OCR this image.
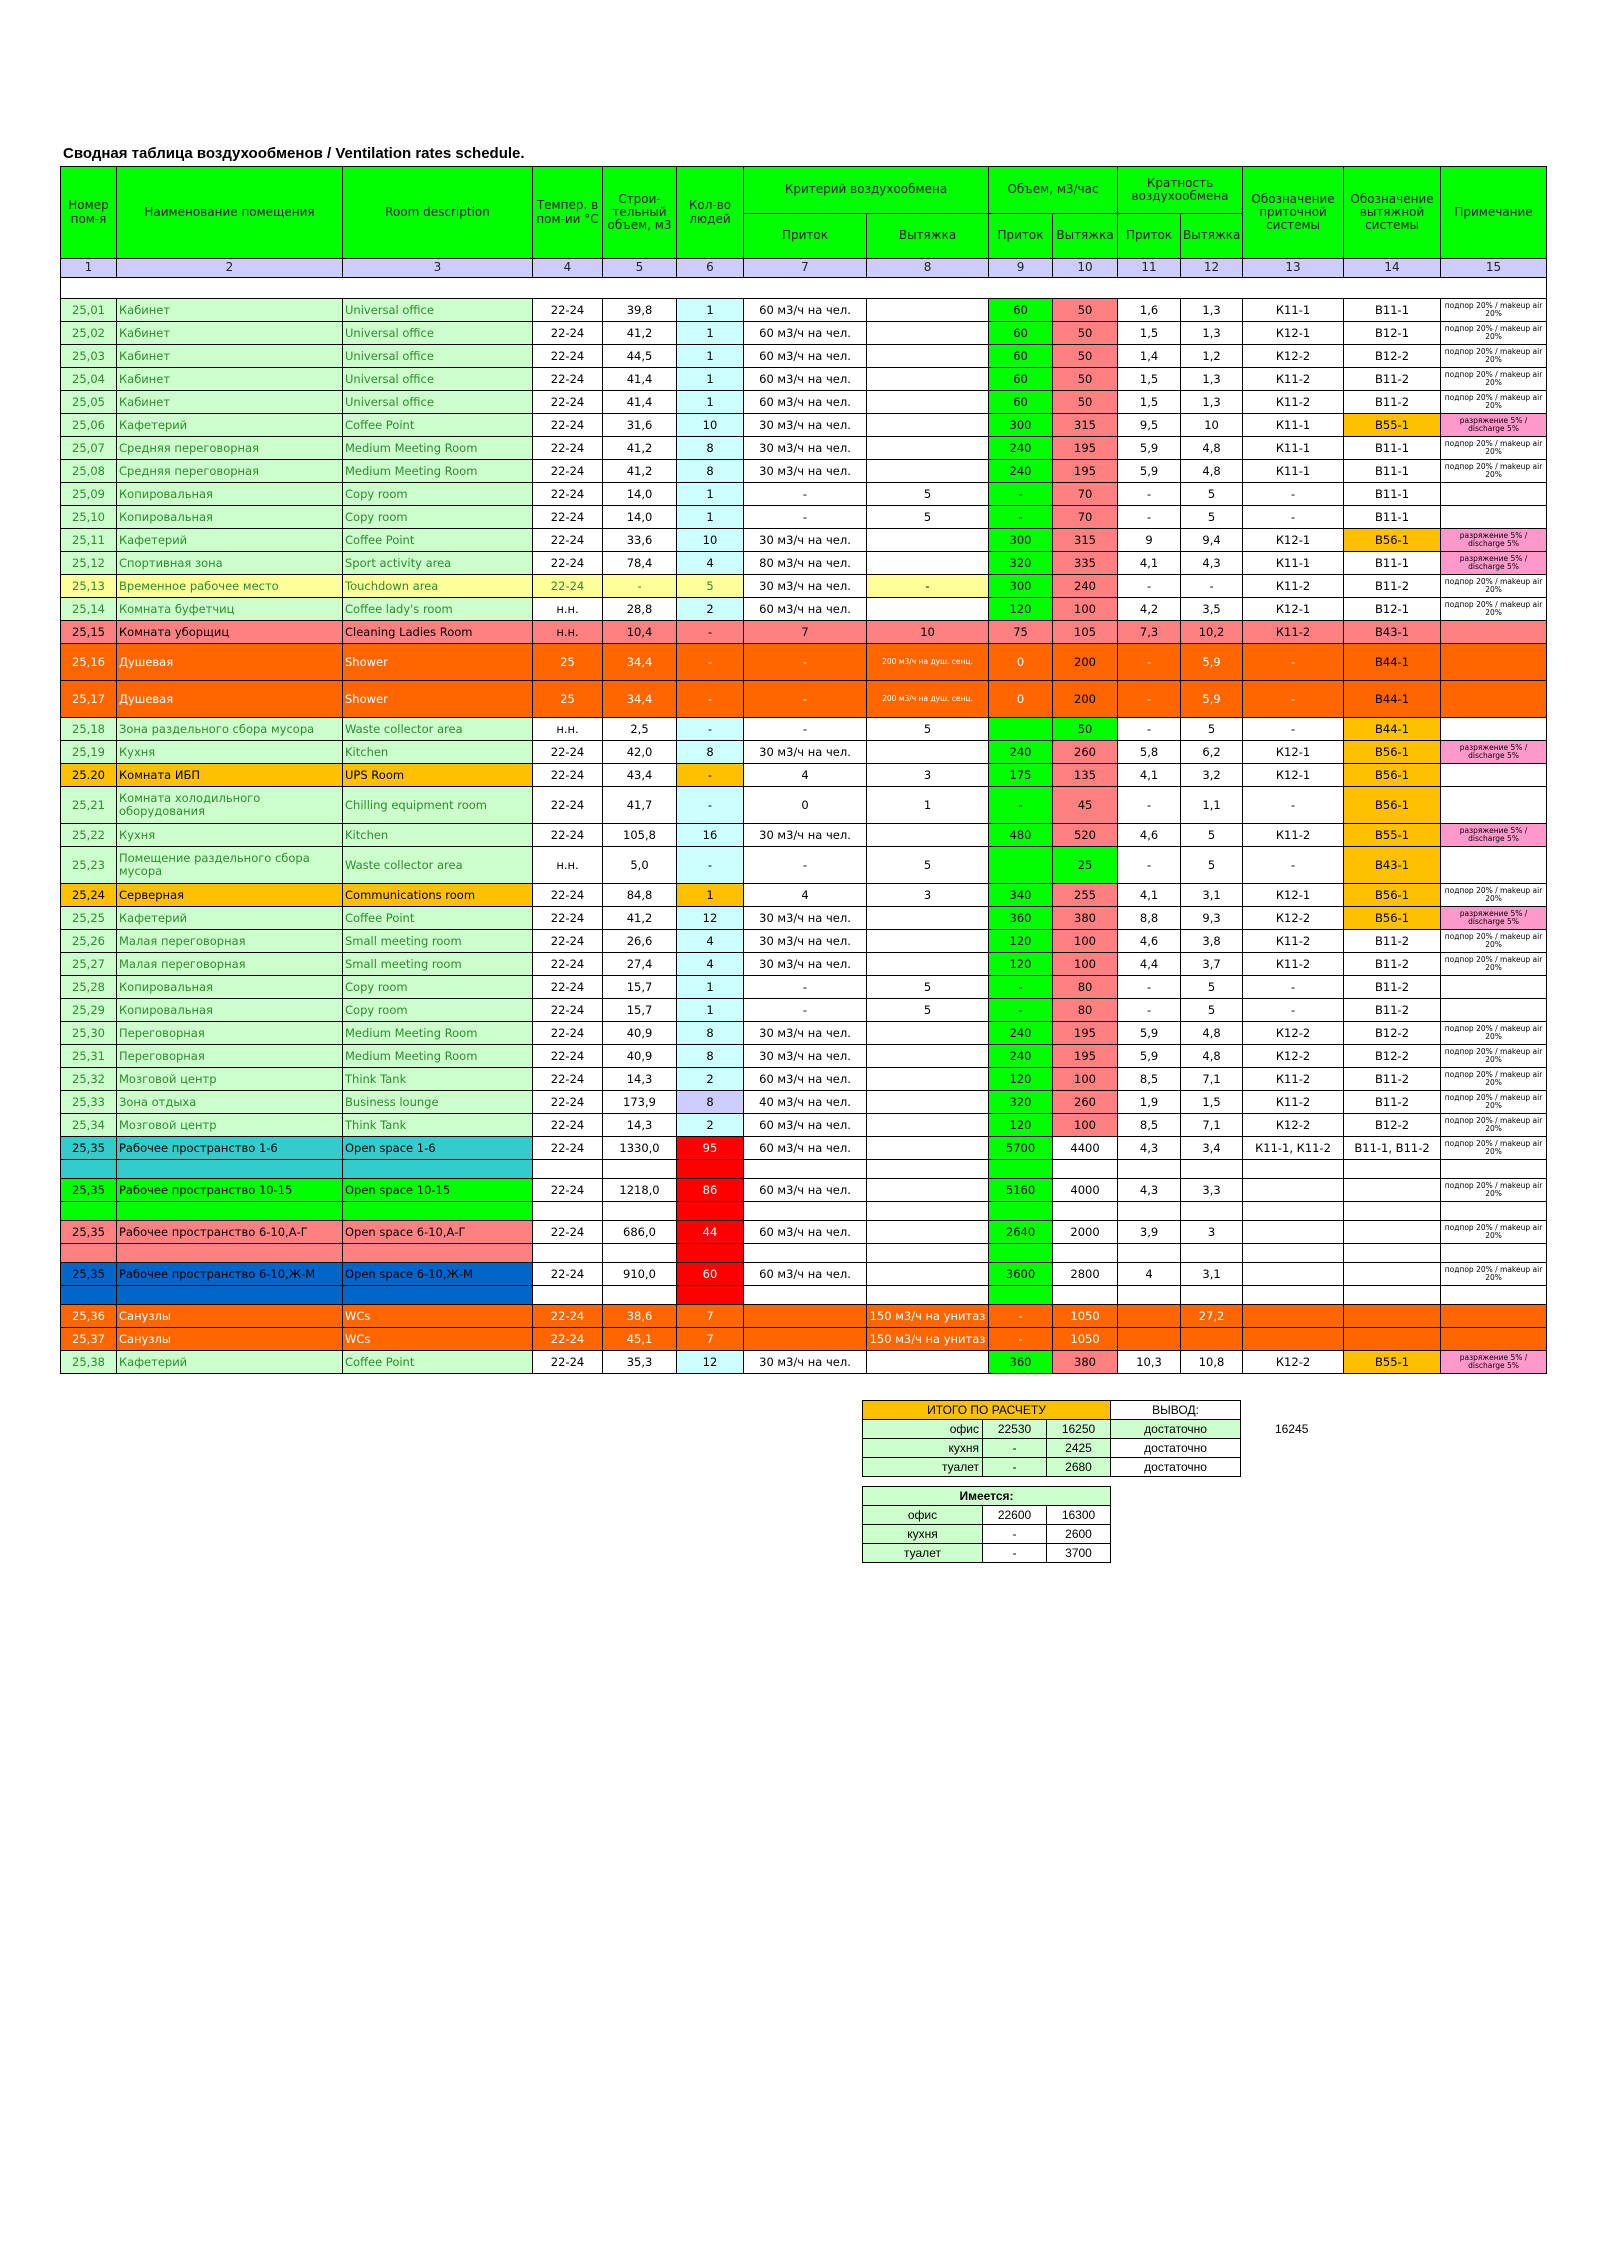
Сводная таблица воздухообменов / Ventilation rates schedule.
Номер пом-я	Наименование помещения	Room description	Темпер. в пом-ии °C	Строи-тельный объем, м3	Кол-во людей	Критерий воздухообмена		Объем, м3/час		Кратность воздухообмена		Обозначение приточной системы	Обозначение вытяжной системы	Примечание
						Приток	Вытяжка	Приток	Вытяжка	Приток	Вытяжка			
1	2	3	4	5	6	7	8	9	10	11	12	13	14	15

25,01	Кабинет	Universal office	22-24	39,8	1	60 м3/ч на чел.		60	50	1,6	1,3	К11-1	В11-1	подпор 20% / makeup air 20%
25,02	Кабинет	Universal office	22-24	41,2	1	60 м3/ч на чел.		60	50	1,5	1,3	К12-1	В12-1	подпор 20% / makeup air 20%
25,03	Кабинет	Universal office	22-24	44,5	1	60 м3/ч на чел.		60	50	1,4	1,2	К12-2	В12-2	подпор 20% / makeup air 20%
25,04	Кабинет	Universal office	22-24	41,4	1	60 м3/ч на чел.		60	50	1,5	1,3	К11-2	В11-2	подпор 20% / makeup air 20%
25,05	Кабинет	Universal office	22-24	41,4	1	60 м3/ч на чел.		60	50	1,5	1,3	К11-2	В11-2	подпор 20% / makeup air 20%
25,06	Кафетерий	Coffee Point	22-24	31,6	10	30 м3/ч на чел.		300	315	9,5	10	К11-1	В55-1	разряжение 5% / discharge 5%
25,07	Средняя переговорная	Medium Meeting Room	22-24	41,2	8	30 м3/ч на чел.		240	195	5,9	4,8	К11-1	В11-1	подпор 20% / makeup air 20%
25,08	Средняя переговорная	Medium Meeting Room	22-24	41,2	8	30 м3/ч на чел.		240	195	5,9	4,8	К11-1	В11-1	подпор 20% / makeup air 20%
25,09	Копировальная	Copy room	22-24	14,0	1	-	5	-	70	-	5	-	В11-1	
25,10	Копировальная	Copy room	22-24	14,0	1	-	5	-	70	-	5	-	В11-1	
25,11	Кафетерий	Coffee Point	22-24	33,6	10	30 м3/ч на чел.		300	315	9	9,4	К12-1	В56-1	разряжение 5% / discharge 5%
25,12	Спортивная зона	Sport activity area	22-24	78,4	4	80 м3/ч на чел.		320	335	4,1	4,3	К11-1	В11-1	разряжение 5% / discharge 5%
25,13	Временное рабочее место	Touchdown area	22-24	-	5	30 м3/ч на чел.	-	300	240	-	-	К11-2	В11-2	подпор 20% / makeup air 20%
25,14	Комната буфетчиц	Coffee lady's room	н.н.	28,8	2	60 м3/ч на чел.		120	100	4,2	3,5	К12-1	В12-1	подпор 20% / makeup air 20%
25,15	Комната уборщиц	Cleaning Ladies Room	н.н.	10,4	-	7	10	75	105	7,3	10,2	К11-2	В43-1	
25,16	Душевая	Shower	25	34,4	-	-	200 м3/ч на душ. сенц.	0	200	-	5,9	-	В44-1	
25,17	Душевая	Shower	25	34,4	-	-	200 м3/ч на душ. сенц.	0	200	-	5,9	-	В44-1	
25,18	Зона раздельного сбора мусора	Waste collector area	н.н.	2,5	-	-	5		50	-	5	-	В44-1	
25,19	Кухня	Kitchen	22-24	42,0	8	30 м3/ч на чел.		240	260	5,8	6,2	К12-1	В56-1	разряжение 5% / discharge 5%
25.20	Комната ИБП	UPS Room	22-24	43,4	-	4	3	175	135	4,1	3,2	К12-1	В56-1	
25,21	Комната холодильного оборудования	Chilling equipment room	22-24	41,7	-	0	1	-	45	-	1,1	-	В56-1	
25,22	Кухня	Kitchen	22-24	105,8	16	30 м3/ч на чел.		480	520	4,6	5	К11-2	В55-1	разряжение 5% / discharge 5%
25,23	Помещение раздельного сбора мусора	Waste collector area	н.н.	5,0	-	-	5		25	-	5	-	В43-1	
25,24	Серверная	Communications room	22-24	84,8	1	4	3	340	255	4,1	3,1	К12-1	В56-1	подпор 20% / makeup air 20%
25,25	Кафетерий	Coffee Point	22-24	41,2	12	30 м3/ч на чел.		360	380	8,8	9,3	К12-2	В56-1	разряжение 5% / discharge 5%
25,26	Малая переговорная	Small meeting room	22-24	26,6	4	30 м3/ч на чел.		120	100	4,6	3,8	К11-2	В11-2	подпор 20% / makeup air 20%
25,27	Малая переговорная	Small meeting room	22-24	27,4	4	30 м3/ч на чел.		120	100	4,4	3,7	К11-2	В11-2	подпор 20% / makeup air 20%
25,28	Копировальная	Copy room	22-24	15,7	1	-	5	-	80	-	5	-	В11-2	
25,29	Копировальная	Copy room	22-24	15,7	1	-	5	-	80	-	5	-	В11-2	
25,30	Переговорная	Medium Meeting Room	22-24	40,9	8	30 м3/ч на чел.		240	195	5,9	4,8	К12-2	В12-2	подпор 20% / makeup air 20%
25,31	Переговорная	Medium Meeting Room	22-24	40,9	8	30 м3/ч на чел.		240	195	5,9	4,8	К12-2	В12-2	подпор 20% / makeup air 20%
25,32	Мозговой центр	Think Tank	22-24	14,3	2	60 м3/ч на чел.		120	100	8,5	7,1	К11-2	В11-2	подпор 20% / makeup air 20%
25,33	Зона отдыха	Business lounge	22-24	173,9	8	40 м3/ч на чел.		320	260	1,9	1,5	К11-2	В11-2	подпор 20% / makeup air 20%
25,34	Мозговой центр	Think Tank	22-24	14,3	2	60 м3/ч на чел.		120	100	8,5	7,1	К12-2	В12-2	подпор 20% / makeup air 20%
25,35	Рабочее пространство 1-6	Open space 1-6	22-24	1330,0	95	60 м3/ч на чел.		5700	4400	4,3	3,4	К11-1, К11-2	В11-1, В11-2	подпор 20% / makeup air 20%

25,35	Рабочее пространство 10-15	Open space 10-15	22-24	1218,0	86	60 м3/ч на чел.		5160	4000	4,3	3,3			подпор 20% / makeup air 20%

25,35	Рабочее пространство 6-10,А-Г	Open space 6-10,А-Г	22-24	686,0	44	60 м3/ч на чел.		2640	2000	3,9	3			подпор 20% / makeup air 20%

25,35	Рабочее пространство 6-10,Ж-М	Open space 6-10,Ж-М	22-24	910,0	60	60 м3/ч на чел.		3600	2800	4	3,1			подпор 20% / makeup air 20%

25,36	Санузлы	WCs	22-24	38,6	7		150 м3/ч на унитаз	-	1050		27,2			
25,37	Санузлы	WCs	22-24	45,1	7		150 м3/ч на унитаз	-	1050					
25,38	Кафетерий	Coffee Point	22-24	35,3	12	30 м3/ч на чел.		360	380	10,3	10,8	К12-2	В55-1	разряжение 5% / discharge 5%
ИТОГО ПО РАСЧЕТУ			ВЫВОД:
офис	22530	16250	достаточно
кухня	-	2425	достаточно
туалет	-	2680	достаточно
16245
Имеется:		
офис	22600	16300
кухня	-	2600
туалет	-	3700
